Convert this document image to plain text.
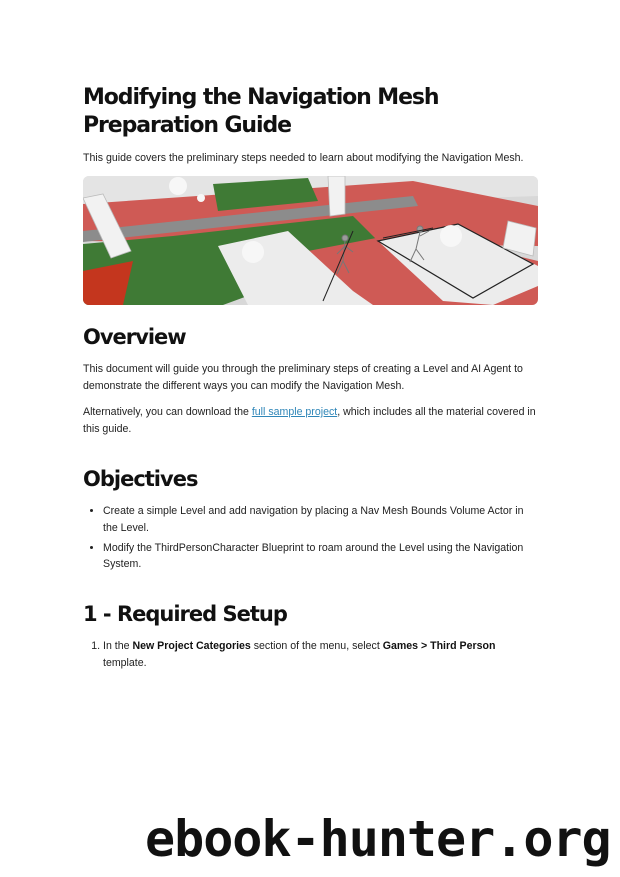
Modifying the Navigation Mesh Preparation Guide

This guide covers the preliminary steps needed to learn about modifying the Navigation Mesh.

Overview

This document will guide you through the preliminary steps of creating a Level and AI Agent to demonstrate the different ways you can modify the Navigation Mesh.

Alternatively, you can download the full sample project, which includes all the material covered in this guide.

Objectives
• Create a simple Level and add navigation by placing a Nav Mesh Bounds Volume Actor in the Level.
• Modify the ThirdPersonCharacter Blueprint to roam around the Level using the Navigation System.
1 - Required Setup
1. In the New Project Categories section of the menu, select Games > Third Person template.

ebook-hunter.org
